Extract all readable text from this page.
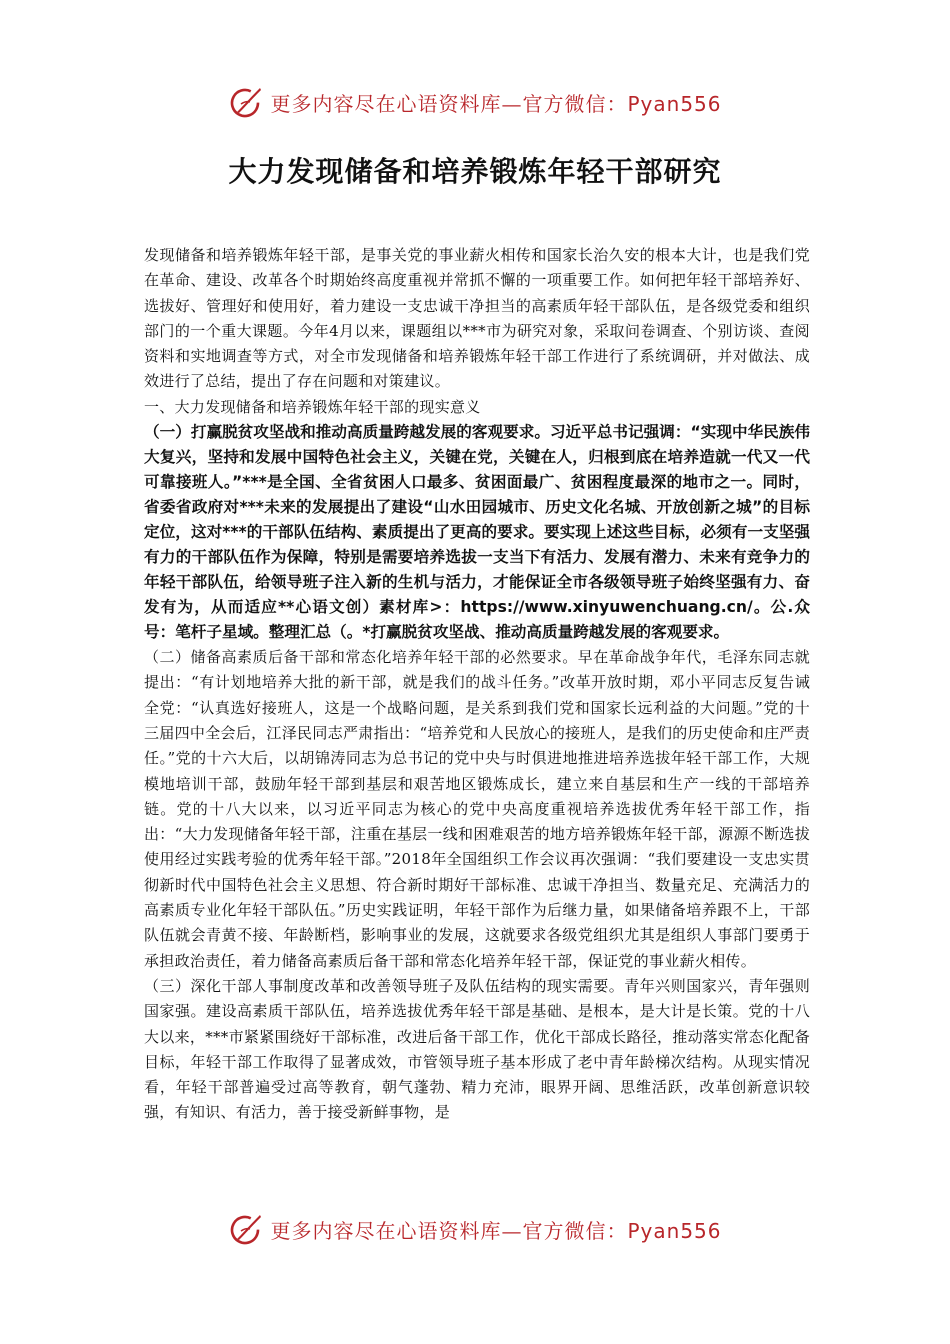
更多内容尽在心语资料库—官方微信：Pyan556
大力发现储备和培养锻炼年轻干部研究

发现储备和培养锻炼年轻干部，是事关党的事业薪火相传和国家长治久安的根本大计，也是我们党在革命、建设、改革各个时期始终高度重视并常抓不懈的一项重要工作。如何把年轻干部培养好、选拔好、管理好和使用好，着力建设一支忠诚干净担当的高素质年轻干部队伍，是各级党委和组织部门的一个重大课题。今年4月以来，课题组以***市为研究对象，采取问卷调查、个别访谈、查阅资料和实地调查等方式，对全市发现储备和培养锻炼年轻干部工作进行了系统调研，并对做法、成效进行了总结，提出了存在问题和对策建议。

一、大力发现储备和培养锻炼年轻干部的现实意义

（一）打赢脱贫攻坚战和推动高质量跨越发展的客观要求。习近平总书记强调：“实现中华民族伟大复兴，坚持和发展中国特色社会主义，关键在党，关键在人，归根到底在培养造就一代又一代可靠接班人。”***是全国、全省贫困人口最多、贫困面最广、贫困程度最深的地市之一。同时，省委省政府对***未来的发展提出了建设“山水田园城市、历史文化名城、开放创新之城”的目标定位，这对***的干部队伍结构、素质提出了更高的要求。要实现上述这些目标，必须有一支坚强有力的干部队伍作为保障，特别是需要培养选拔一支当下有活力、发展有潜力、未来有竞争力的年轻干部队伍，给领导班子注入新的生机与活力，才能保证全市各级领导班子始终坚强有力、奋发有为，从而适应**心语文创）素材库>：https://www.xinyuwenchuang.cn/。公.众号：笔杆子星域。整理汇总（。*打赢脱贫攻坚战、推动高质量跨越发展的客观要求。

（二）储备高素质后备干部和常态化培养年轻干部的必然要求。早在革命战争年代，毛泽东同志就提出：“有计划地培养大批的新干部，就是我们的战斗任务。”改革开放时期，邓小平同志反复告诫全党：“认真选好接班人，这是一个战略问题，是关系到我们党和国家长远利益的大问题。”党的十三届四中全会后，江泽民同志严肃指出：“培养党和人民放心的接班人，是我们的历史使命和庄严责任。”党的十六大后，以胡锦涛同志为总书记的党中央与时俱进地推进培养选拔年轻干部工作，大规模地培训干部，鼓励年轻干部到基层和艰苦地区锻炼成长，建立来自基层和生产一线的干部培养链。党的十八大以来，以习近平同志为核心的党中央高度重视培养选拔优秀年轻干部工作，指出：“大力发现储备年轻干部，注重在基层一线和困难艰苦的地方培养锻炼年轻干部，源源不断选拔使用经过实践考验的优秀年轻干部。”2018年全国组织工作会议再次强调：“我们要建设一支忠实贯彻新时代中国特色社会主义思想、符合新时期好干部标准、忠诚干净担当、数量充足、充满活力的高素质专业化年轻干部队伍。”历史实践证明，年轻干部作为后继力量，如果储备培养跟不上，干部队伍就会青黄不接、年龄断档，影响事业的发展，这就要求各级党组织尤其是组织人事部门要勇于承担政治责任，着力储备高素质后备干部和常态化培养年轻干部，保证党的事业薪火相传。

（三）深化干部人事制度改革和改善领导班子及队伍结构的现实需要。青年兴则国家兴，青年强则国家强。建设高素质干部队伍，培养选拔优秀年轻干部是基础、是根本，是大计是长策。党的十八大以来，***市紧紧围绕好干部标准，改进后备干部工作，优化干部成长路径，推动落实常态化配备目标，年轻干部工作取得了显著成效，市管领导班子基本形成了老中青年龄梯次结构。从现实情况看，年轻干部普遍受过高等教育，朝气蓬勃、精力充沛，眼界开阔、思维活跃，改革创新意识较强，有知识、有活力，善于接受新鲜事物，是

更多内容尽在心语资料库—官方微信：Pyan556
